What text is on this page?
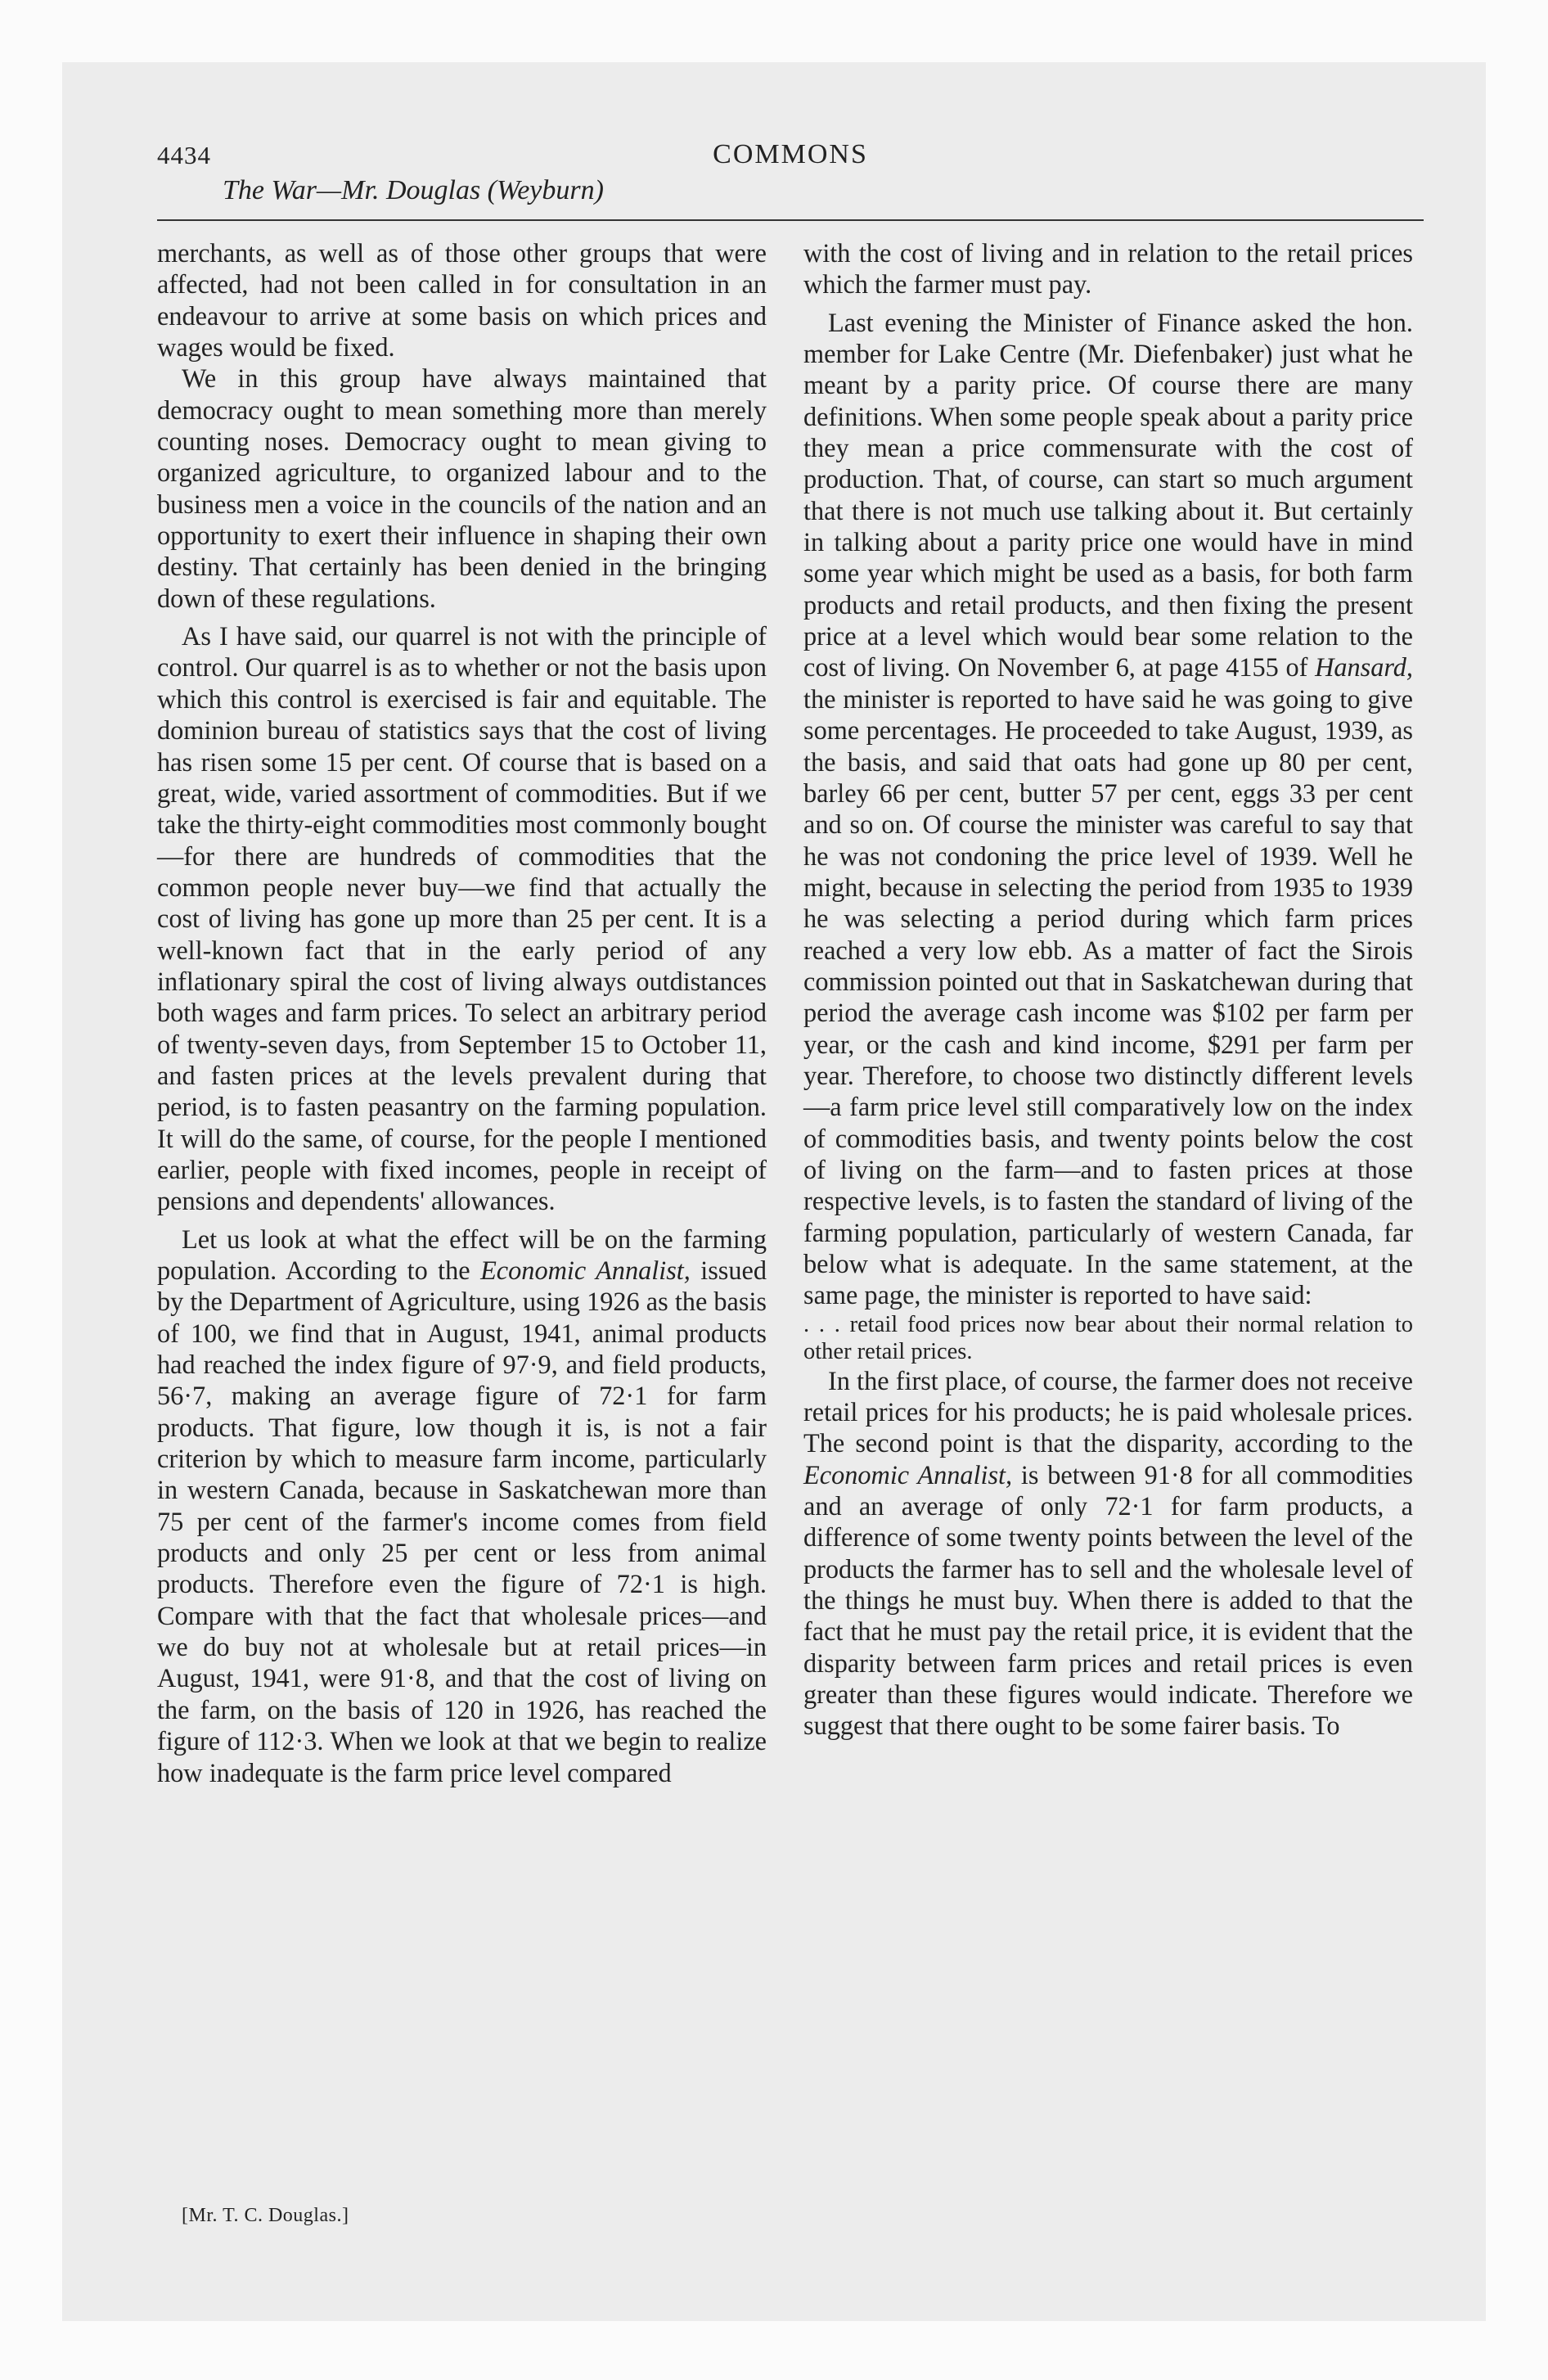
4434	COMMONS
The War—Mr. Douglas (Weyburn)

merchants, as well as of those other groups that were affected, had not been called in for consultation in an endeavour to arrive at some basis on which prices and wages would be fixed.

We in this group have always maintained that democracy ought to mean something more than merely counting noses. Democracy ought to mean giving to organized agriculture, to organized labour and to the business men a voice in the councils of the nation and an opportunity to exert their influence in shaping their own destiny. That certainly has been denied in the bringing down of these regulations.

As I have said, our quarrel is not with the principle of control. Our quarrel is as to whether or not the basis upon which this control is exercised is fair and equitable. The dominion bureau of statistics says that the cost of living has risen some 15 per cent. Of course that is based on a great, wide, varied assortment of commodities. But if we take the thirty-eight commodities most commonly bought—for there are hundreds of commodities that the common people never buy—we find that actually the cost of living has gone up more than 25 per cent. It is a well-known fact that in the early period of any inflationary spiral the cost of living always outdistances both wages and farm prices. To select an arbitrary period of twenty-seven days, from September 15 to October 11, and fasten prices at the levels prevalent during that period, is to fasten peasantry on the farming population. It will do the same, of course, for the people I mentioned earlier, people with fixed incomes, people in receipt of pensions and dependents' allowances.

Let us look at what the effect will be on the farming population. According to the Economic Annalist, issued by the Department of Agriculture, using 1926 as the basis of 100, we find that in August, 1941, animal products had reached the index figure of 97·9, and field products, 56·7, making an average figure of 72·1 for farm products. That figure, low though it is, is not a fair criterion by which to measure farm income, particularly in western Canada, because in Saskatchewan more than 75 per cent of the farmer's income comes from field products and only 25 per cent or less from animal products. Therefore even the figure of 72·1 is high. Compare with that the fact that wholesale prices—and we do buy not at wholesale but at retail prices—in August, 1941, were 91·8, and that the cost of living on the farm, on the basis of 120 in 1926, has reached the figure of 112·3. When we look at that we begin to realize how inadequate is the farm price level compared

with the cost of living and in relation to the retail prices which the farmer must pay.

Last evening the Minister of Finance asked the hon. member for Lake Centre (Mr. Diefenbaker) just what he meant by a parity price. Of course there are many definitions. When some people speak about a parity price they mean a price commensurate with the cost of production. That, of course, can start so much argument that there is not much use talking about it. But certainly in talking about a parity price one would have in mind some year which might be used as a basis, for both farm products and retail products, and then fixing the present price at a level which would bear some relation to the cost of living. On November 6, at page 4155 of Hansard, the minister is reported to have said he was going to give some percentages. He proceeded to take August, 1939, as the basis, and said that oats had gone up 80 per cent, barley 66 per cent, butter 57 per cent, eggs 33 per cent and so on. Of course the minister was careful to say that he was not condoning the price level of 1939. Well he might, because in selecting the period from 1935 to 1939 he was selecting a period during which farm prices reached a very low ebb. As a matter of fact the Sirois commission pointed out that in Saskatchewan during that period the average cash income was $102 per farm per year, or the cash and kind income, $291 per farm per year. Therefore, to choose two distinctly different levels —a farm price level still comparatively low on the index of commodities basis, and twenty points below the cost of living on the farm—and to fasten prices at those respective levels, is to fasten the standard of living of the farming population, particularly of western Canada, far below what is adequate. In the same statement, at the same page, the minister is reported to have said:

. . . retail food prices now bear about their normal relation to other retail prices.

In the first place, of course, the farmer does not receive retail prices for his products; he is paid wholesale prices. The second point is that the disparity, according to the Economic Annalist, is between 91·8 for all commodities and an average of only 72·1 for farm products, a difference of some twenty points between the level of the products the farmer has to sell and the wholesale level of the things he must buy. When there is added to that the fact that he must pay the retail price, it is evident that the disparity between farm prices and retail prices is even greater than these figures would indicate. Therefore we suggest that there ought to be some fairer basis. To

[Mr. T. C. Douglas.]
